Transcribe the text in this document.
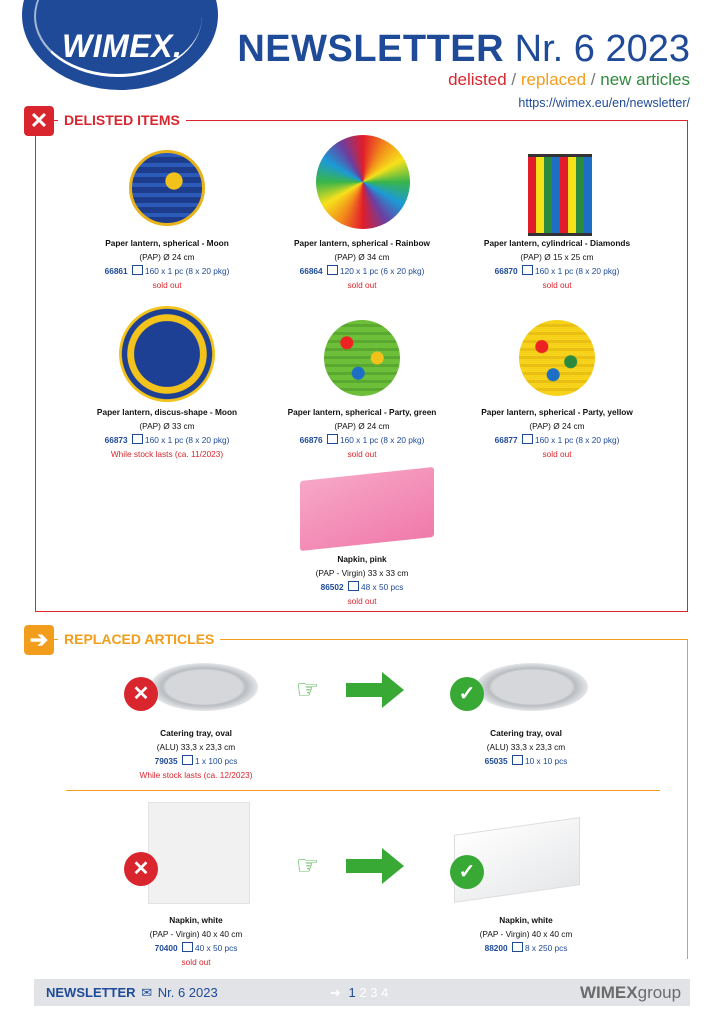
WIMEX. NEWSLETTER Nr. 6 2023
delisted / replaced / new articles
https://wimex.eu/en/newsletter/
✕	DELISTED ITEMS
Paper lantern, spherical - Moon
(PAP) Ø 24 cm
66861 160 x 1 pc (8 x 20 pkg)
sold out
Paper lantern, spherical - Rainbow
(PAP) Ø 34 cm
66864 120 x 1 pc (6 x 20 pkg)
sold out
Paper lantern, cylindrical - Diamonds
(PAP) Ø 15 x 25 cm
66870 160 x 1 pc (8 x 20 pkg)
sold out
Paper lantern, discus-shape - Moon
(PAP) Ø 33 cm
66873 160 x 1 pc (8 x 20 pkg)
While stock lasts (ca. 11/2023)
Paper lantern, spherical - Party, green
(PAP) Ø 24 cm
66876 160 x 1 pc (8 x 20 pkg)
sold out
Paper lantern, spherical - Party, yellow
(PAP) Ø 24 cm
66877 160 x 1 pc (8 x 20 pkg)
sold out
Napkin, pink
(PAP - Virgin) 33 x 33 cm
86502 48 x 50 pcs
sold out
➔	REPLACED ARTICLES
✕	☞	✓
Catering tray, oval
(ALU) 33,3 x 23,3 cm
79035 1 x 100 pcs
While stock lasts (ca. 12/2023)
Catering tray, oval
(ALU) 33,3 x 23,3 cm
65035 10 x 10 pcs
✕	☞	✓
Napkin, white
(PAP - Virgin) 40 x 40 cm
70400 40 x 50 pcs
sold out
Napkin, white
(PAP - Virgin) 40 x 40 cm
88200 8 x 250 pcs
NEWSLETTER ✉ Nr. 6 2023	➔ 1 2 3 4	WIMEXgroup
